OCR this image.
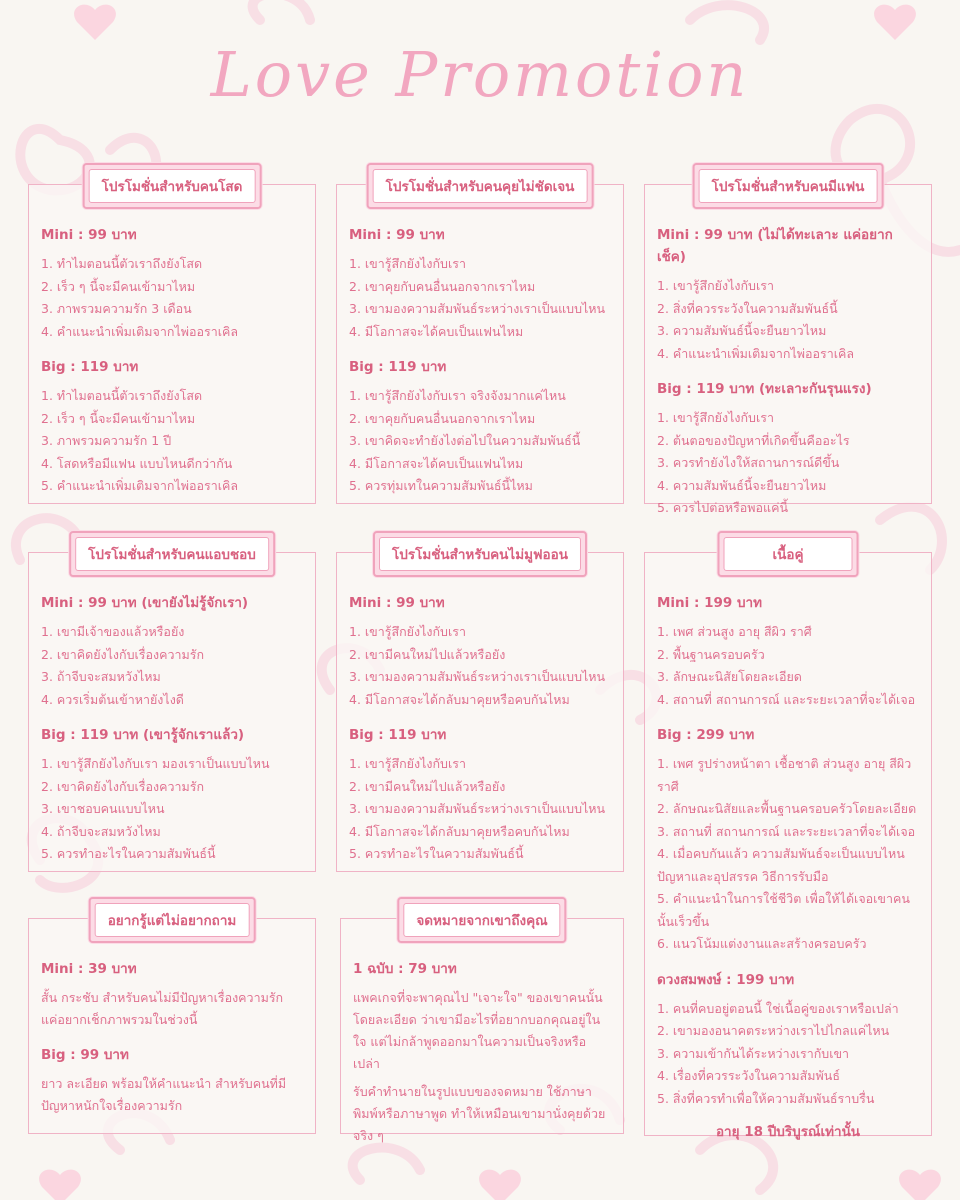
Love Promotion
โปรโมชั่นสำหรับคนโสด
Mini : 99 บาท
1. ทำไมตอนนี้ตัวเราถึงยังโสด
2. เร็ว ๆ นี้จะมีคนเข้ามาไหม
3. ภาพรวมความรัก 3 เดือน
4. คำแนะนำเพิ่มเติมจากไพ่ออราเคิล
Big : 119 บาท
1. ทำไมตอนนี้ตัวเราถึงยังโสด
2. เร็ว ๆ นี้จะมีคนเข้ามาไหม
3. ภาพรวมความรัก 1 ปี
4. โสดหรือมีแฟน แบบไหนดีกว่ากัน
5. คำแนะนำเพิ่มเติมจากไพ่ออราเคิล
โปรโมชั่นสำหรับคนคุยไม่ชัดเจน
Mini : 99 บาท
1. เขารู้สึกยังไงกับเรา
2. เขาคุยกับคนอื่นนอกจากเราไหม
3. เขามองความสัมพันธ์ระหว่างเราเป็นแบบไหน
4. มีโอกาสจะได้คบเป็นแฟนไหม
Big : 119 บาท
1. เขารู้สึกยังไงกับเรา จริงจังมากแค่ไหน
2. เขาคุยกับคนอื่นนอกจากเราไหม
3. เขาคิดจะทำยังไงต่อไปในความสัมพันธ์นี้
4. มีโอกาสจะได้คบเป็นแฟนไหม
5. ควรทุ่มเทในความสัมพันธ์นี้ไหม
โปรโมชั่นสำหรับคนมีแฟน
Mini : 99 บาท (ไม่ได้ทะเลาะ แค่อยากเช็ค)
1. เขารู้สึกยังไงกับเรา
2. สิ่งที่ควรระวังในความสัมพันธ์นี้
3. ความสัมพันธ์นี้จะยืนยาวไหม
4. คำแนะนำเพิ่มเติมจากไพ่ออราเคิล
Big : 119 บาท (ทะเลาะกันรุนแรง)
1. เขารู้สึกยังไงกับเรา
2. ต้นตอของปัญหาที่เกิดขึ้นคืออะไร
3. ควรทำยังไงให้สถานการณ์ดีขึ้น
4. ความสัมพันธ์นี้จะยืนยาวไหม
5. ควรไปต่อหรือพอแค่นี้
โปรโมชั่นสำหรับคนแอบชอบ
Mini : 99 บาท (เขายังไม่รู้จักเรา)
1. เขามีเจ้าของแล้วหรือยัง
2. เขาคิดยังไงกับเรื่องความรัก
3. ถ้าจีบจะสมหวังไหม
4. ควรเริ่มต้นเข้าหายังไงดี
Big : 119 บาท (เขารู้จักเราแล้ว)
1. เขารู้สึกยังไงกับเรา มองเราเป็นแบบไหน
2. เขาคิดยังไงกับเรื่องความรัก
3. เขาชอบคนแบบไหน
4. ถ้าจีบจะสมหวังไหม
5. ควรทำอะไรในความสัมพันธ์นี้
โปรโมชั่นสำหรับคนไม่มูฟออน
Mini : 99 บาท
1. เขารู้สึกยังไงกับเรา
2. เขามีคนใหม่ไปแล้วหรือยัง
3. เขามองความสัมพันธ์ระหว่างเราเป็นแบบไหน
4. มีโอกาสจะได้กลับมาคุยหรือคบกันไหม
Big : 119 บาท
1. เขารู้สึกยังไงกับเรา
2. เขามีคนใหม่ไปแล้วหรือยัง
3. เขามองความสัมพันธ์ระหว่างเราเป็นแบบไหน
4. มีโอกาสจะได้กลับมาคุยหรือคบกันไหม
5. ควรทำอะไรในความสัมพันธ์นี้
เนื้อคู่
Mini : 199 บาท
1. เพศ ส่วนสูง อายุ สีผิว ราศี
2. พื้นฐานครอบครัว
3. ลักษณะนิสัยโดยละเอียด
4. สถานที่ สถานการณ์ และระยะเวลาที่จะได้เจอ
Big : 299 บาท
1. เพศ รูปร่างหน้าตา เชื้อชาติ ส่วนสูง อายุ สีผิว ราศี
2. ลักษณะนิสัยและพื้นฐานครอบครัวโดยละเอียด
3. สถานที่ สถานการณ์ และระยะเวลาที่จะได้เจอ
4. เมื่อคบกันแล้ว ความสัมพันธ์จะเป็นแบบไหน ปัญหาและอุปสรรค วิธีการรับมือ
5. คำแนะนำในการใช้ชีวิต เพื่อให้ได้เจอเขาคนนั้นเร็วขึ้น
6. แนวโน้มแต่งงานและสร้างครอบครัว
ดวงสมพงษ์ : 199 บาท
1. คนที่คบอยู่ตอนนี้ ใช่เนื้อคู่ของเราหรือเปล่า
2. เขามองอนาคตระหว่างเราไปไกลแค่ไหน
3. ความเข้ากันได้ระหว่างเรากับเขา
4. เรื่องที่ควรระวังในความสัมพันธ์
5. สิ่งที่ควรทำเพื่อให้ความสัมพันธ์ราบรื่น
อายุ 18 ปีบริบูรณ์เท่านั้น
อยากรู้แต่ไม่อยากถาม
Mini : 39 บาท
สั้น กระชับ สำหรับคนไม่มีปัญหาเรื่องความรัก แค่อยากเช็กภาพรวมในช่วงนี้
Big : 99 บาท
ยาว ละเอียด พร้อมให้คำแนะนำ สำหรับคนที่มีปัญหาหนักใจเรื่องความรัก
จดหมายจากเขาถึงคุณ
1 ฉบับ : 79 บาท
แพคเกจที่จะพาคุณไป "เจาะใจ" ของเขาคนนั้นโดยละเอียด ว่าเขามีอะไรที่อยากบอกคุณอยู่ในใจ แต่ไม่กล้าพูดออกมาในความเป็นจริงหรือเปล่า
รับคำทำนายในรูปแบบของจดหมาย ใช้ภาษาพิมพ์หรือภาษาพูด ทำให้เหมือนเขามานั่งคุยด้วยจริง ๆ
